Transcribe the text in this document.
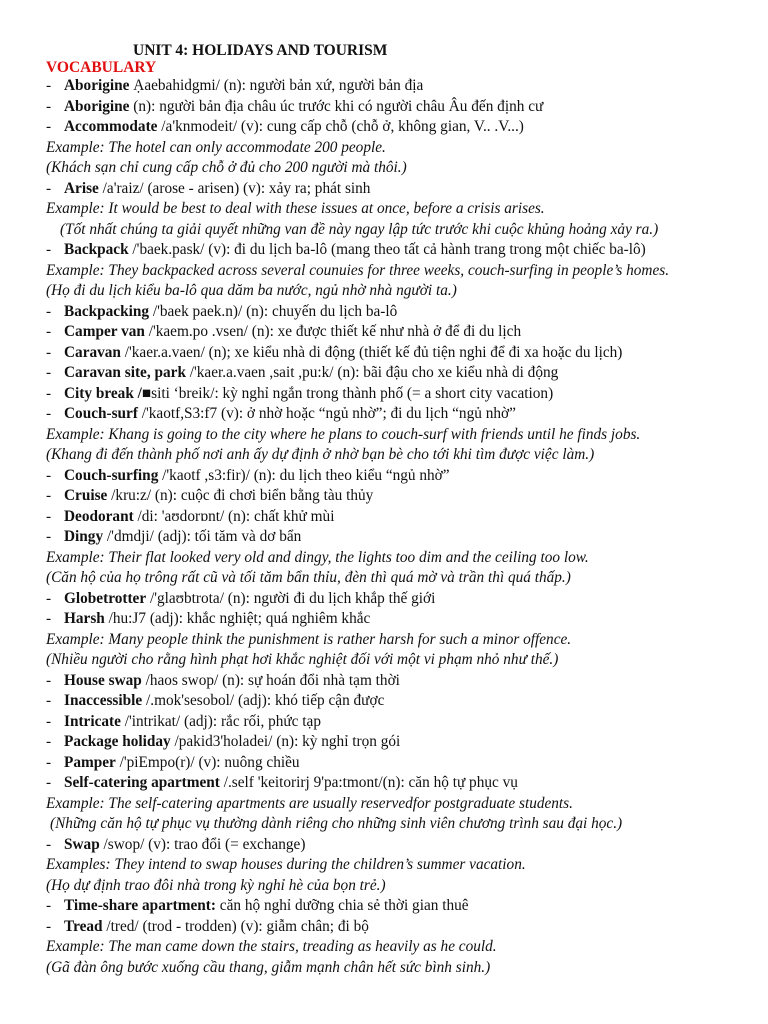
UNIT 4: HOLIDAYS AND TOURISM
VOCABULARY
- Aborigine Ạaebahidgmi/ (n): người bản xứ, người bản địa
- Aborigine (n): người bản địa châu úc trước khi có người châu Âu đến định cư
- Accommodate /a'knmodeit/ (v): cung cấp chỗ (chỗ ở, không gian, V.. .V...)
Example: The hotel can only accommodate 200 people.
(Khách sạn chỉ cung cấp chỗ ở đủ cho 200 người mà thôi.)
- Arise /a'raiz/ (arose - arisen) (v): xảy ra; phát sinh
Example: It would be best to deal with these issues at once, before a crisis arises.
(Tốt nhất chúng ta giải quyết những van đề này ngay lập tức trước khi cuộc khủng hoảng xảy ra.)
- Backpack /'baek.pask/ (v): đi du lịch ba-lô (mang theo tất cả hành trang trong một chiếc ba-lô)
Example: They backpacked across several counuies for three weeks, couch-surfing in people’s homes.
(Họ đi du lịch kiểu ba-lô qua dăm ba nước, ngủ nhờ nhà người ta.)
- Backpacking /'baek paek.n)/ (n): chuyến du lịch ba-lô
- Camper van /'kaem.po .vsen/ (n): xe được thiết kế như nhà ở để đi du lịch
- Caravan /'kaer.a.vaen/ (n); xe kiểu nhà di động (thiết kế đủ tiện nghi để đi xa hoặc du lịch)
- Caravan site, park /'kaer.a.vaen ,sait ,pu:k/ (n): bãi đậu cho xe kiểu nhà di động
- City break /■siti ‘breik/: kỳ nghỉ ngắn trong thành phố (= a short city vacation)
- Couch-surf /'kaotf,S3:f7 (v): ở nhờ hoặc “ngủ nhờ”; đi du lịch “ngủ nhờ”
Example: Khang is going to the city where he plans to couch-surf with friends until he finds jobs.
(Khang đi đến thành phố nơi anh ấy dự định ở nhờ bạn bè cho tới khi tìm được việc làm.)
- Couch-surfing /'kaotf ,s3:fir)/ (n): du lịch theo kiểu “ngủ nhờ”
- Cruise /kru:z/ (n): cuộc đi chơi biển bằng tàu thủy
- Deodorant /di: 'aʊdorɒnt/ (n): chất khử mùi
- Dingy /'dmdji/ (adj): tối tăm và dơ bẩn
Example: Their flat looked very old and dingy, the lights too dim and the ceiling too low.
(Căn hộ của họ trông rất cũ và tối tăm bẩn thỉu, đèn thì quá mờ và trần thì quá thấp.)
- Globetrotter /'glaʊbtrota/ (n): người đi du lịch khắp thế giới
- Harsh /hu:J7 (adj): khắc nghiệt; quá nghiêm khắc
Example: Many people think the punishment is rather harsh for such a minor offence.
(Nhiều người cho rằng hình phạt hơi khắc nghiệt đối với một vi phạm nhỏ như thế.)
- House swap /haos swop/ (n): sự hoán đổi nhà tạm thời
- Inaccessible /.mok'sesobol/ (adj): khó tiếp cận được
- Intricate /'intrikat/ (adj): rắc rối, phức tạp
- Package holiday /pakid3'holadei/ (n): kỳ nghỉ trọn gói
- Pamper /'piEmpo(r)/ (v): nuông chiều
- Self-catering apartment /.self 'keitorirj 9'pa:tmont/(n): căn hộ tự phục vụ
Example: The self-catering apartments are usually reservedfor postgraduate students.
(Những căn hộ tự phục vụ thường dành riêng cho những sinh viên chương trình sau đại học.)
- Swap /swop/ (v): trao đổi (= exchange)
Examples: They intend to swap houses during the children’s summer vacation.
(Họ dự định trao đôi nhà trong kỳ nghỉ hè của bọn trẻ.)
- Time-share apartment: căn hộ nghỉ dưỡng chia sẻ thời gian thuê
- Tread /tred/ (trod - trodden) (v): giẫm chân; đi bộ
Example: The man came down the stairs, treading as heavily as he could.
(Gã đàn ông bước xuống cầu thang, giẫm mạnh chân hết sức bình sinh.)
